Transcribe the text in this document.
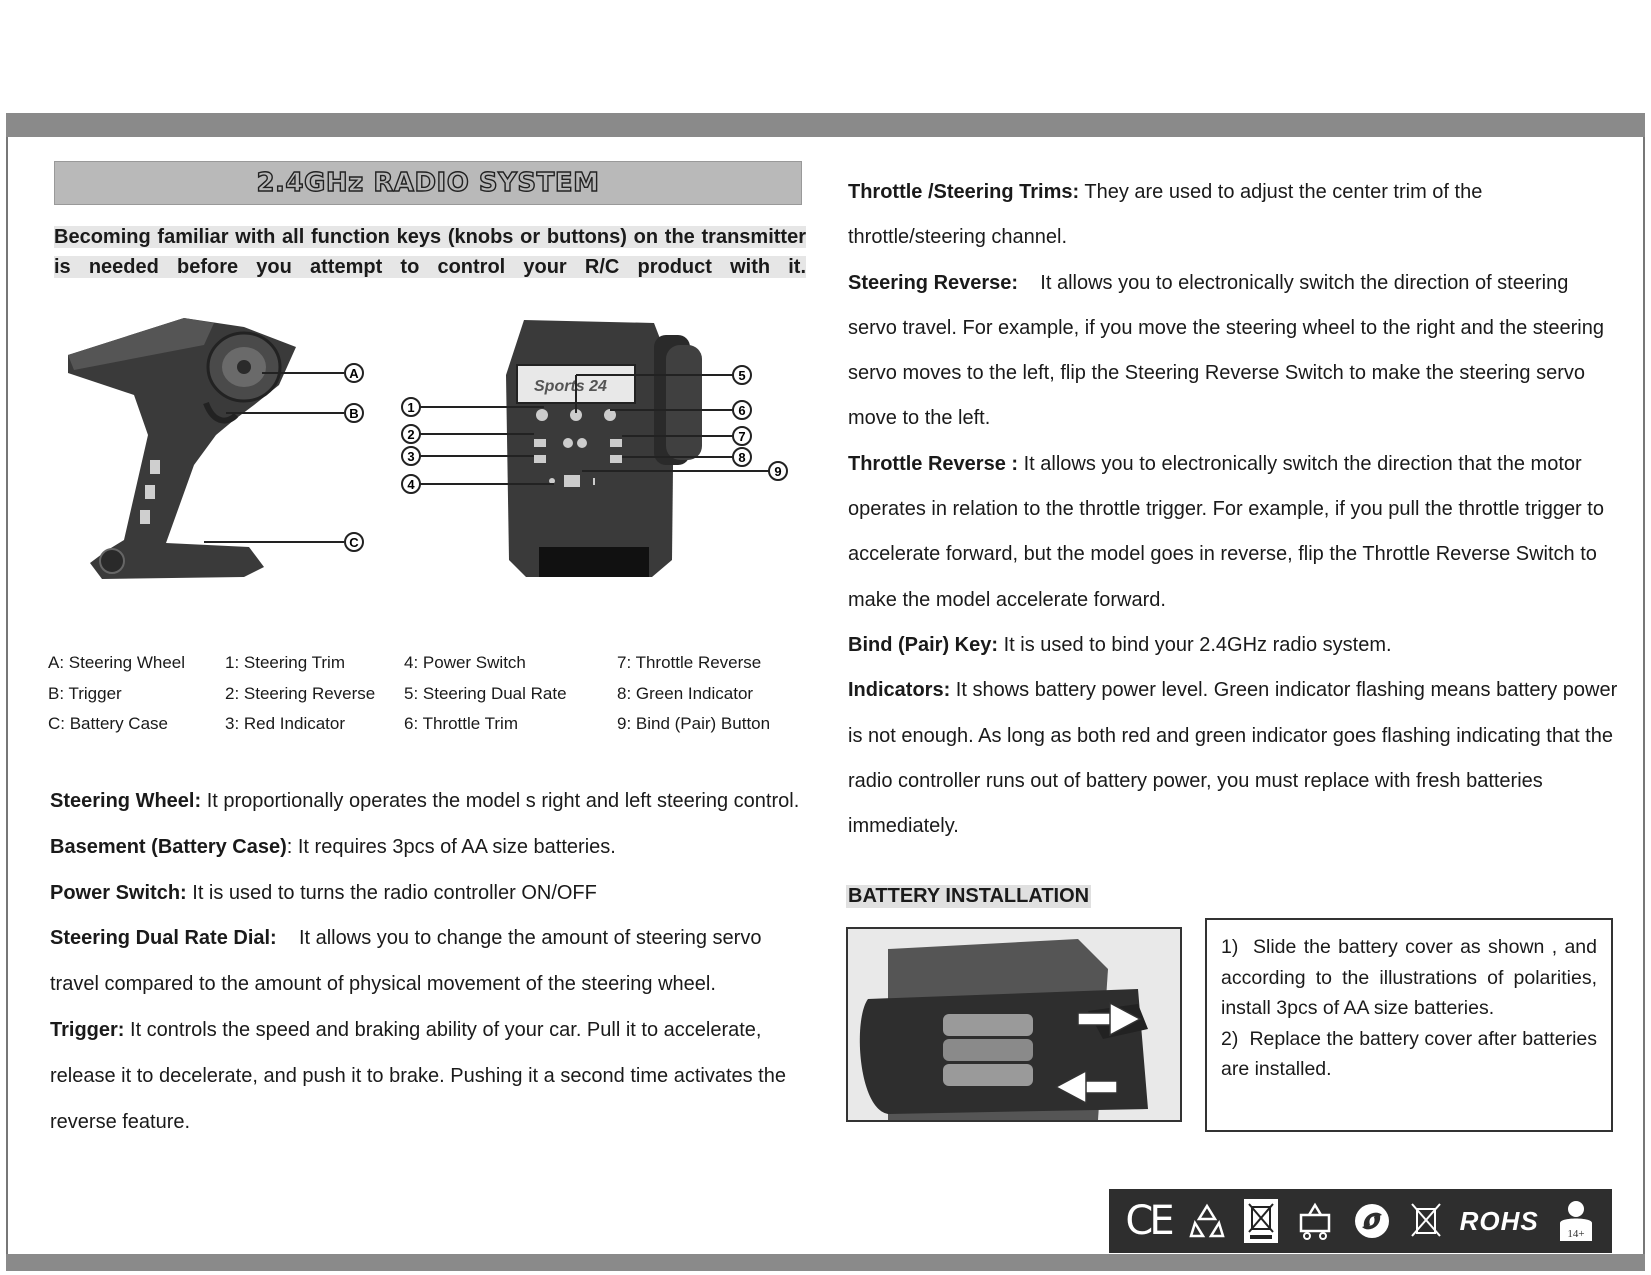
2.4GHz RADIO SYSTEM
Becoming familiar with all function keys (knobs or buttons) on the transmitter is needed before you attempt to control your R/C product with it.
A
B
C
Sports 24
1
2
3
4
5
6
7
8
9
A: Steering Wheel
B: Trigger
C: Battery Case
1: Steering Trim
2: Steering Reverse
3: Red Indicator
4: Power Switch
5: Steering Dual Rate
6: Throttle Trim
7: Throttle Reverse
8: Green Indicator
9: Bind (Pair) Button

Steering Wheel: It proportionally operates the model s right and left steering control.

Basement (Battery Case): It requires 3pcs of AA size batteries.

Power Switch: It is used to turns the radio controller ON/OFF

Steering Dual Rate Dial:    It allows you to change the amount of steering servo travel compared to the amount of physical movement of the steering wheel.

Trigger: It controls the speed and braking ability of your car. Pull it to accelerate, release it to decelerate, and push it to brake. Pushing it a second time activates the reverse feature.

Throttle /Steering Trims: They are used to adjust the center trim of the throttle/steering channel.

Steering Reverse:    It allows you to electronically switch the direction of steering servo travel. For example, if you move the steering wheel to the right and the steering servo moves to the left, flip the Steering Reverse Switch to make the steering servo move to the left.

Throttle Reverse : It allows you to electronically switch the direction that the motor operates in relation to the throttle trigger. For example, if you pull the throttle trigger to accelerate forward, but the model goes in reverse, flip the Throttle Reverse Switch to make the model accelerate forward.

Bind (Pair) Key: It is used to bind your 2.4GHz radio system.

Indicators: It shows battery power level. Green indicator flashing means battery power is not enough. As long as both red and green indicator goes flashing indicating that the radio controller runs out of battery power, you must replace with fresh batteries immediately.

BATTERY INSTALLATION

1)  Slide the battery cover as shown , and according to the illustrations of polarities, install 3pcs of AA size batteries.

2)  Replace the battery cover after batteries are installed.

CE	ROHS	14+
